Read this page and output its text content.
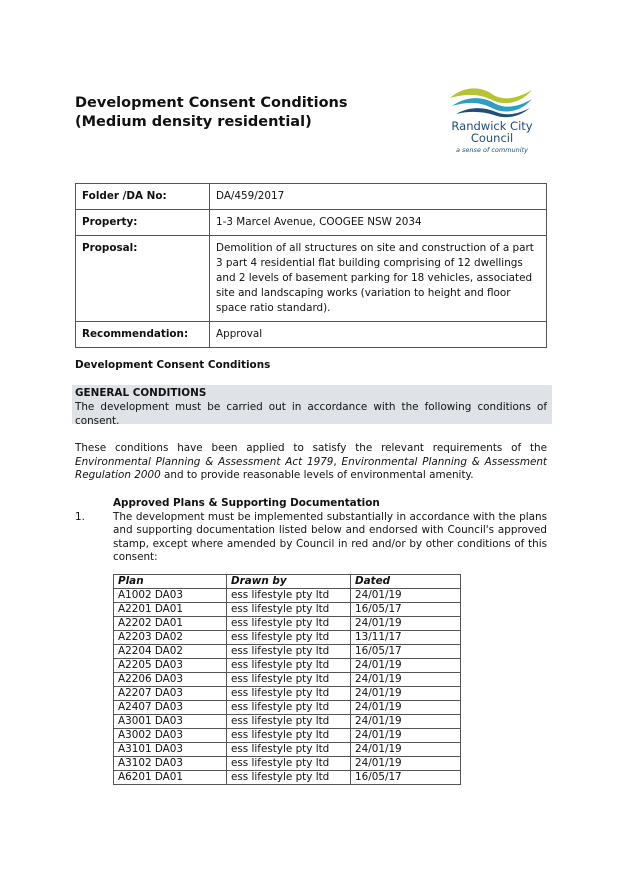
Development Consent Conditions
(Medium density residential)	Randwick City
Council
a sense of community
Folder /DA No:	DA/459/2017
Property:	1-3 Marcel Avenue, COOGEE NSW 2034
Proposal:	Demolition of all structures on site and construction of a part 3 part 4 residential flat building comprising of 12 dwellings and 2 levels of basement parking for 18 vehicles, associated site and landscaping works (variation to height and floor space ratio standard).
Recommendation:	Approval
Development Consent Conditions
GENERAL CONDITIONS
The development must be carried out in accordance with the following conditions of consent.
These conditions have been applied to satisfy the relevant requirements of the Environmental Planning & Assessment Act 1979, Environmental Planning & Assessment Regulation 2000 and to provide reasonable levels of environmental amenity.
Approved Plans & Supporting Documentation
1.	The development must be implemented substantially in accordance with the plans and supporting documentation listed below and endorsed with Council's approved stamp, except where amended by Council in red and/or by other conditions of this consent:
Plan	Drawn by	Dated
A1002 DA03	ess lifestyle pty ltd	24/01/19
A2201 DA01	ess lifestyle pty ltd	16/05/17
A2202 DA01	ess lifestyle pty ltd	24/01/19
A2203 DA02	ess lifestyle pty ltd	13/11/17
A2204 DA02	ess lifestyle pty ltd	16/05/17
A2205 DA03	ess lifestyle pty ltd	24/01/19
A2206 DA03	ess lifestyle pty ltd	24/01/19
A2207 DA03	ess lifestyle pty ltd	24/01/19
A2407 DA03	ess lifestyle pty ltd	24/01/19
A3001 DA03	ess lifestyle pty ltd	24/01/19
A3002 DA03	ess lifestyle pty ltd	24/01/19
A3101 DA03	ess lifestyle pty ltd	24/01/19
A3102 DA03	ess lifestyle pty ltd	24/01/19
A6201 DA01	ess lifestyle pty ltd	16/05/17
